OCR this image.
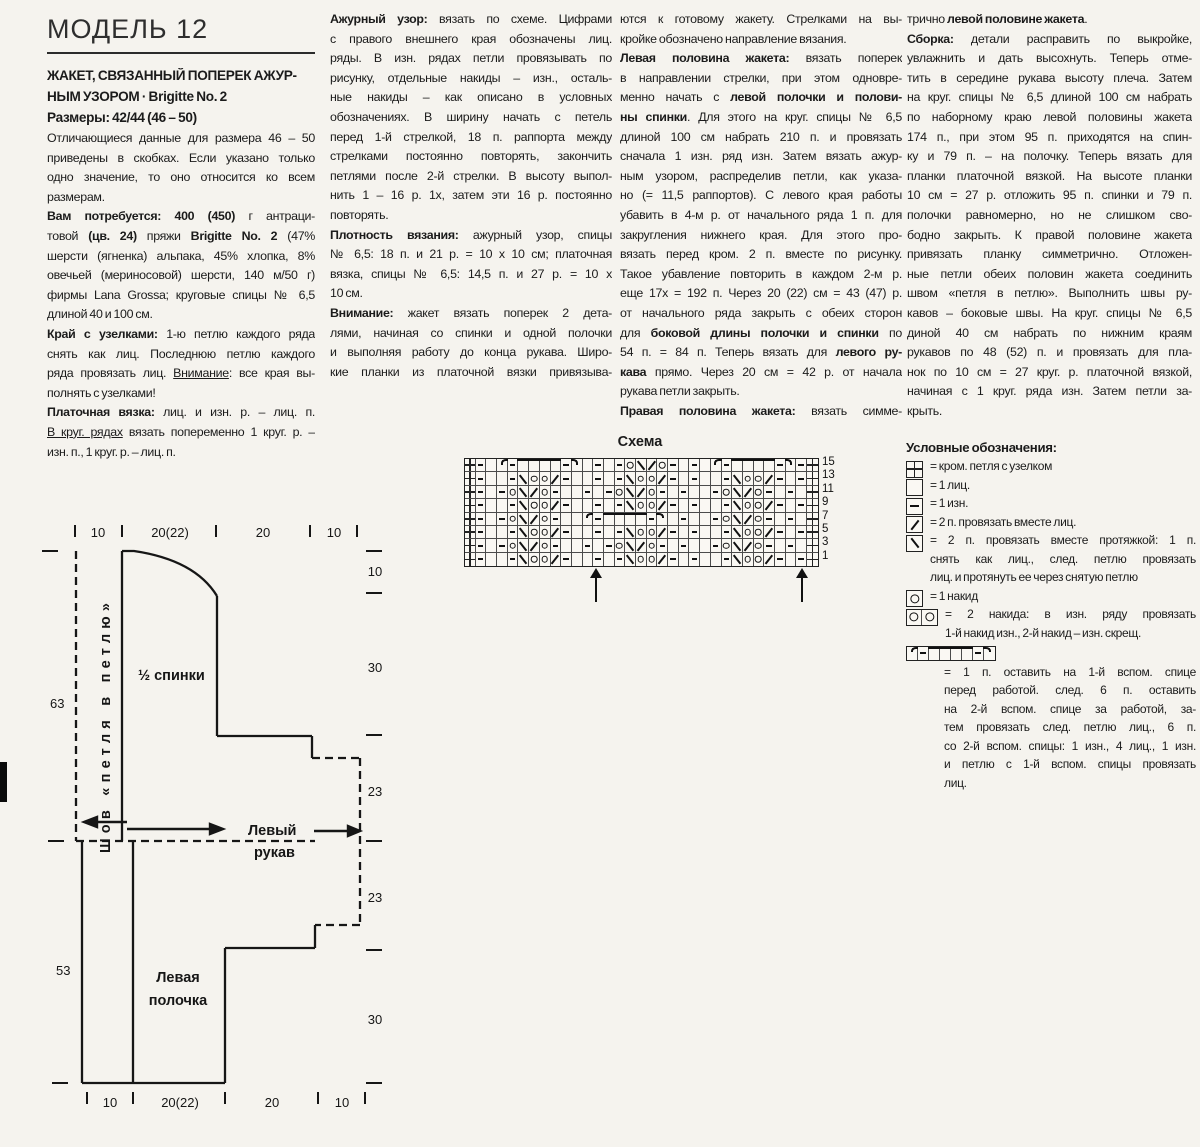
МОДЕЛЬ 12
ЖАКЕТ, СВЯЗАННЫЙ ПОПЕРЕК АЖУР-
НЫМ УЗОРОМ · Brigitte No. 2
Размеры: 42/44 (46 – 50)
Отличающиеся данные для размера 46 – 50
приведены в скобках. Если указано только
одно значение, то оно относится ко всем
размерам.
Вам потребуется: 400 (450) г антраци-
товой (цв. 24) пряжи Brigitte No. 2 (47%
шерсти (ягненка) альпака, 45% хлопка, 8%
овечьей (мериносовой) шерсти, 140 м/50 г)
фирмы Lana Grossa; круговые спицы № 6,5
длиной 40 и 100 см.
Край с узелками: 1-ю петлю каждого ряда
снять как лиц. Последнюю петлю каждого
ряда провязать лиц. Внимание: все края вы-
полнять с узелками!
Платочная вязка: лиц. и изн. р. – лиц. п.
В круг. рядах вязать попеременно 1 круг. р. –
изн. п., 1 круг. р. – лиц. п.
Ажурный узор: вязать по схеме. Цифрами
с правого внешнего края обозначены лиц.
ряды. В изн. рядах петли провязывать по
рисунку, отдельные накиды – изн., осталь-
ные накиды – как описано в условных
обозначениях. В ширину начать с петель
перед 1-й стрелкой, 18 п. раппорта между
стрелками постоянно повторять, закончить
петлями после 2-й стрелки. В высоту выпол-
нить 1 – 16 р. 1х, затем эти 16 р. постоянно
повторять.
Плотность вязания: ажурный узор, спицы
№ 6,5: 18 п. и 21 р. = 10 х 10 см; платочная
вязка, спицы № 6,5: 14,5 п. и 27 р. = 10 х
10 см.
Внимание: жакет вязать поперек 2 дета-
лями, начиная со спинки и одной полочки
и выполняя работу до конца рукава. Широ-
кие планки из платочной вязки привязыва-
ются к готовому жакету. Стрелками на вы-
кройке обозначено направление вязания.
Левая половина жакета: вязать поперек
в направлении стрелки, при этом одновре-
менно начать с левой полочки и полови-
ны спинки. Для этого на круг. спицы № 6,5
длиной 100 см набрать 210 п. и провязать
сначала 1 изн. ряд изн. Затем вязать ажур-
ным узором, распределив петли, как указа-
но (= 11,5 раппортов). С левого края работы
убавить в 4-м р. от начального ряда 1 п. для
закругления нижнего края. Для этого про-
вязать перед кром. 2 п. вместе по рисунку.
Такое убавление повторить в каждом 2-м р.
еще 17х = 192 п. Через 20 (22) см = 43 (47) р.
от начального ряда закрыть с обеих сторон
для боковой длины полочки и спинки по
54 п. = 84 п. Теперь вязать для левого ру-
кава прямо. Через 20 см = 42 р. от начала
рукава петли закрыть.
Правая половина жакета: вязать симме-
трично левой половине жакета.
Сборка: детали расправить по выкройке,
увлажнить и дать высохнуть. Теперь отме-
тить в середине рукава высоту плеча. Затем
на круг. спицы № 6,5 длиной 100 см набрать
по наборному краю левой половины жакета
174 п., при этом 95 п. приходятся на спин-
ку и 79 п. – на полочку. Теперь вязать для
планки платочной вязкой. На высоте планки
10 см = 27 р. отложить 95 п. спинки и 79 п.
полочки равномерно, но не слишком сво-
бодно закрыть. К правой половине жакета
привязать планку симметрично. Отложен-
ные петли обеих половин жакета соединить
швом «петля в петлю». Выполнить швы ру-
кавов – боковые швы. На круг. спицы № 6,5
диной 40 см набрать по нижним краям
рукавов по 48 (52) п. и провязать для пла-
нок по 10 см = 27 круг. р. платочной вязкой,
начиная с 1 круг. ряда изн. Затем петли за-
крыть.
Схема
15
13
11
9
7
5
3
1
Условные обозначения:
= кром. петля с узелком
= 1 лиц.
= 1 изн.
= 2 п. провязать вместе лиц.
= 2 п. провязать вместе протяжкой: 1 п.
снять как лиц., след. петлю провязать
лиц. и протянуть ее через снятую петлю
= 1 накид
= 2 накида: в изн. ряду провязать
1-й накид изн., 2-й накид – изн. скрещ.
= 1 п. оставить на 1-й вспом. спице
перед работой. след. 6 п. оставить
на 2-й вспом. спице за работой, за-
тем провязать след. петлю лиц., 6 п.
со 2-й вспом. спицы: 1 изн., 4 лиц., 1 изн.
и петлю с 1-й вспом. спицы провязать
лиц.
10	20(22)	20	10
10	20(22)	20	10
63
53
10
30
23
23
30
½ спинки
Левый
рукав
Левая
полочка
Шов «петля в петлю»
